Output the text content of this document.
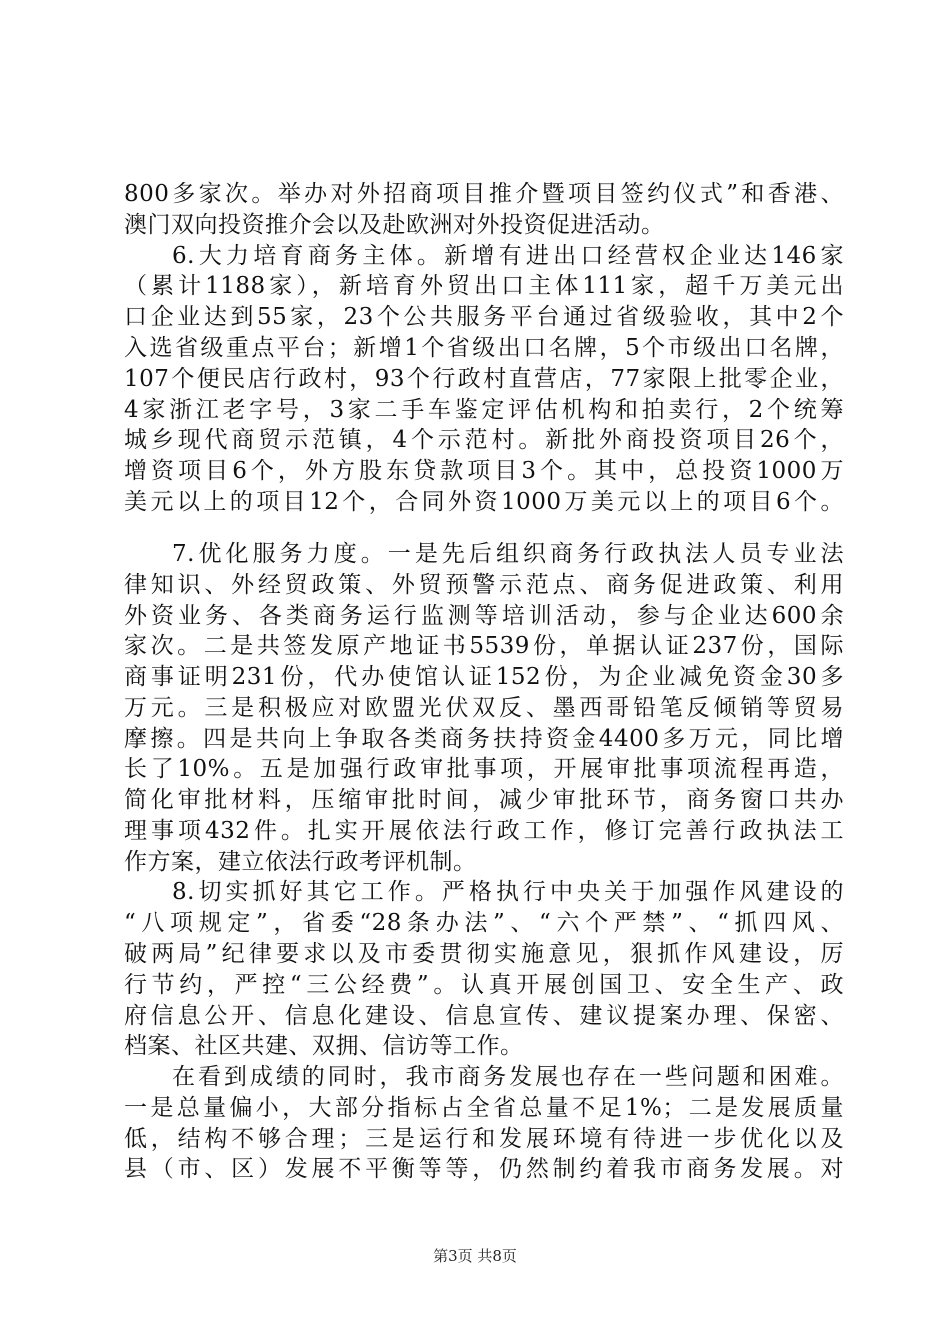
800多家次。举办对外招商项目推介暨项目签约仪式”和香港、
澳门双向投资推介会以及赴欧洲对外投资促进活动。
6.大力培育商务主体。新增有进出口经营权企业达146家
（累计1188家），新培育外贸出口主体111家，超千万美元出
口企业达到55家，23个公共服务平台通过省级验收，其中2个
入选省级重点平台；新增1个省级出口名牌，5个市级出口名牌，
107个便民店行政村，93个行政村直营店，77家限上批零企业，
4家浙江老字号，3家二手车鉴定评估机构和拍卖行，2个统筹
城乡现代商贸示范镇，4个示范村。新批外商投资项目26个，
增资项目6个，外方股东贷款项目3个。其中，总投资1000万
美元以上的项目12个，合同外资1000万美元以上的项目6个。
7.优化服务力度。一是先后组织商务行政执法人员专业法
律知识、外经贸政策、外贸预警示范点、商务促进政策、利用
外资业务、各类商务运行监测等培训活动，参与企业达600余
家次。二是共签发原产地证书5539份，单据认证237份，国际
商事证明231份，代办使馆认证152份，为企业减免资金30多
万元。三是积极应对欧盟光伏双反、墨西哥铅笔反倾销等贸易
摩擦。四是共向上争取各类商务扶持资金4400多万元，同比增
长了10%。五是加强行政审批事项，开展审批事项流程再造，
简化审批材料，压缩审批时间，减少审批环节，商务窗口共办
理事项432件。扎实开展依法行政工作，修订完善行政执法工
作方案，建立依法行政考评机制。
8.切实抓好其它工作。严格执行中央关于加强作风建设的
“八项规定”，省委“28条办法”、“六个严禁”、“抓四风、
破两局”纪律要求以及市委贯彻实施意见，狠抓作风建设，厉
行节约，严控“三公经费”。认真开展创国卫、安全生产、政
府信息公开、信息化建设、信息宣传、建议提案办理、保密、
档案、社区共建、双拥、信访等工作。
在看到成绩的同时，我市商务发展也存在一些问题和困难。
一是总量偏小，大部分指标占全省总量不足1%；二是发展质量
低，结构不够合理；三是运行和发展环境有待进一步优化以及
县（市、区）发展不平衡等等，仍然制约着我市商务发展。对
第3页 共8页
